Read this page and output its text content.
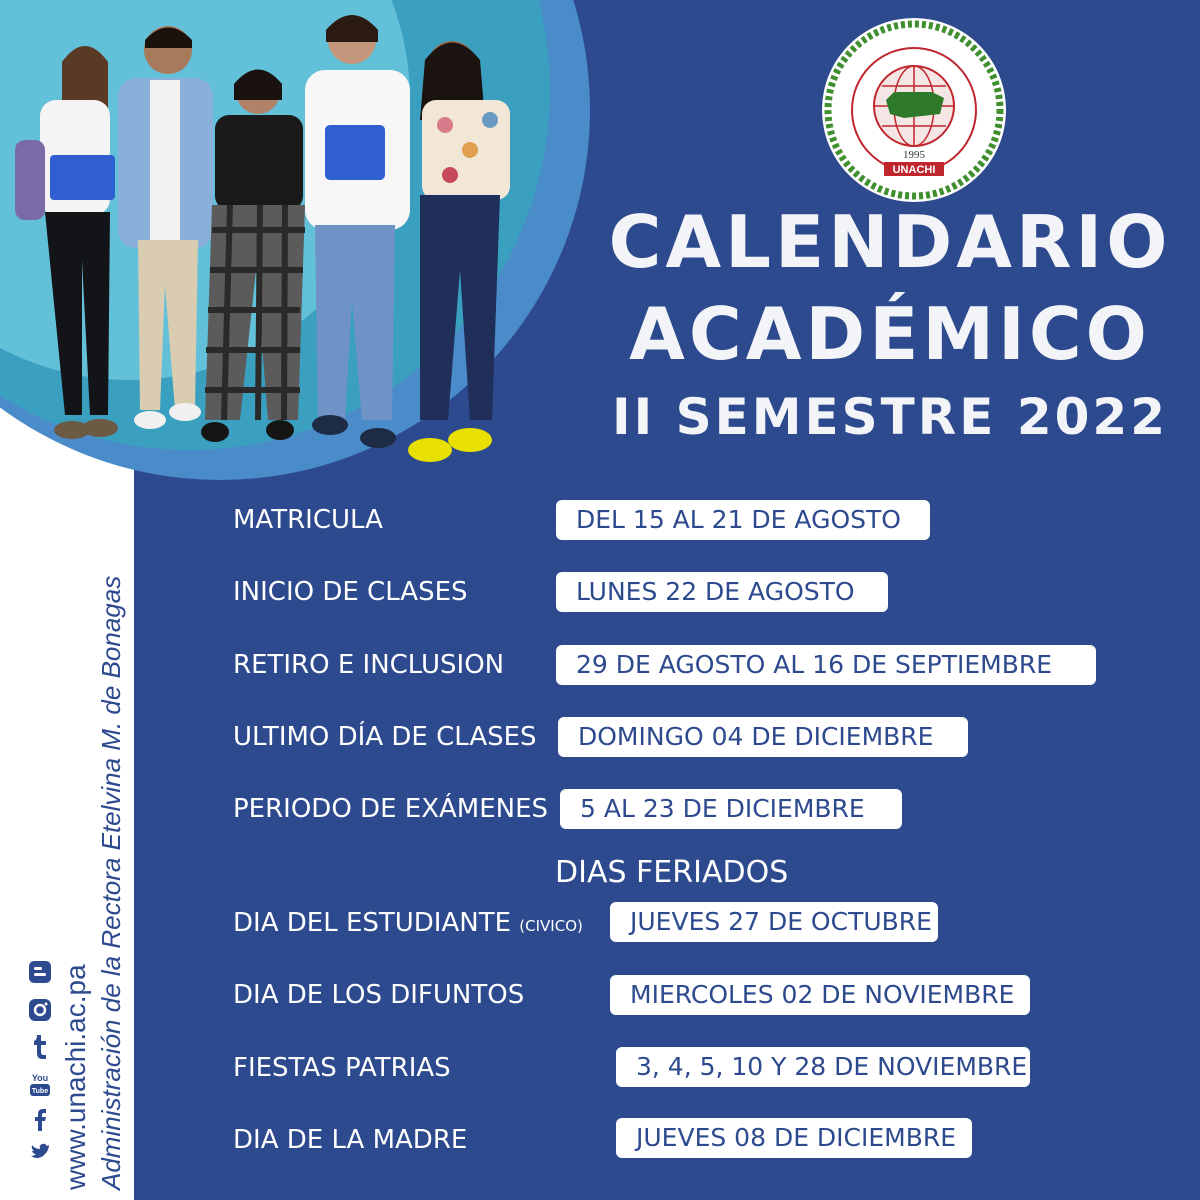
1995
UNACHI
CALENDARIO
ACADÉMICO
II SEMESTRE 2022
MATRICULA	DEL 15 AL 21 DE AGOSTO
INICIO DE CLASES	LUNES 22 DE AGOSTO
RETIRO E INCLUSION	29 DE AGOSTO AL 16 DE SEPTIEMBRE
ULTIMO DÍA DE CLASES	DOMINGO 04 DE DICIEMBRE
PERIODO DE EXÁMENES	5 AL 23 DE DICIEMBRE
DIAS FERIADOS
DIA DEL ESTUDIANTE (CIVICO)	JUEVES 27 DE OCTUBRE
DIA DE LOS DIFUNTOS	MIERCOLES 02 DE NOVIEMBRE
FIESTAS PATRIAS	3, 4, 5, 10 Y 28 DE NOVIEMBRE
DIA DE LA MADRE	JUEVES 08 DE DICIEMBRE
www.unachi.ac.pa Administración de la Rectora Etelvina M. de Bonagas
You
Tube
